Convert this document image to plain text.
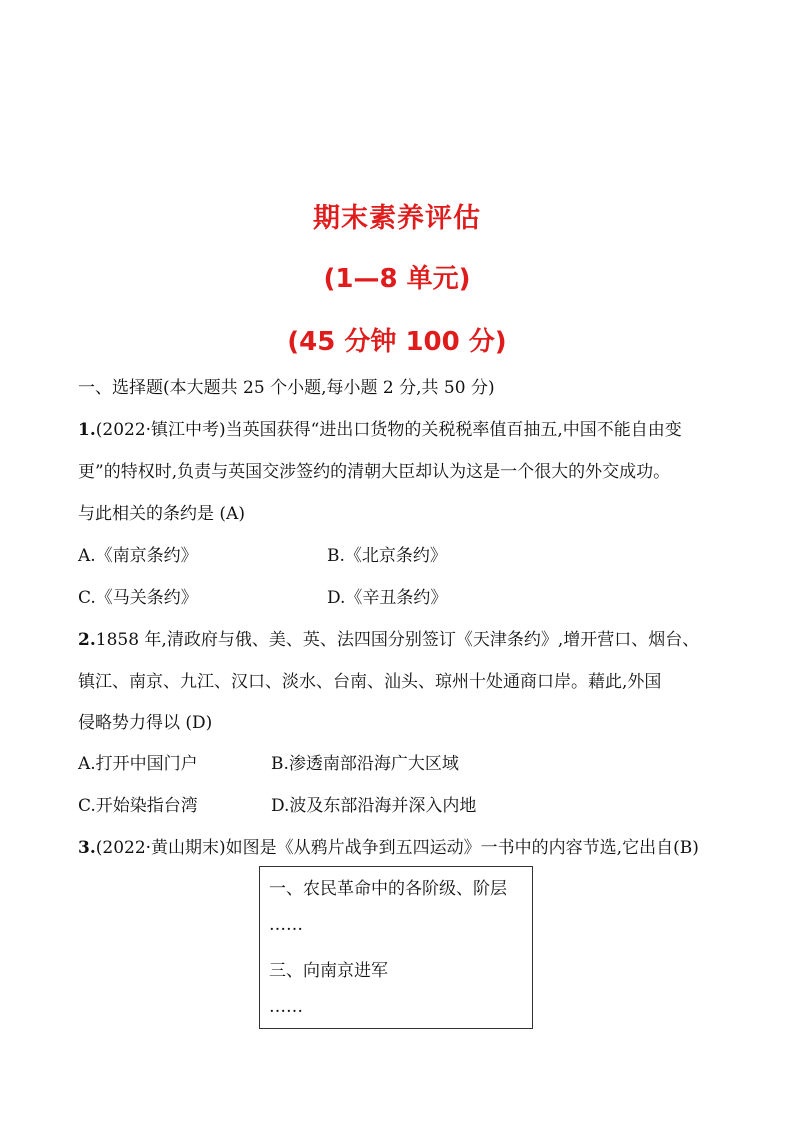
期末素养评估
(1—8 单元)
(45 分钟 100 分)
一、选择题(本大题共 25 个小题,每小题 2 分,共 50 分)
1.(2022·镇江中考)当英国获得“进出口货物的关税税率值百抽五,中国不能自由变
更”的特权时,负责与英国交涉签约的清朝大臣却认为这是一个很大的外交成功。
与此相关的条约是 (A)
A.《南京条约》	B.《北京条约》
C.《马关条约》	D.《辛丑条约》
2.1858 年,清政府与俄、美、英、法四国分别签订《天津条约》,增开营口、烟台、
镇江、南京、九江、汉口、淡水、台南、汕头、琼州十处通商口岸。藉此,外国
侵略势力得以 (D)
A.打开中国门户	B.渗透南部沿海广大区域
C.开始染指台湾	D.波及东部沿海并深入内地
3.(2022·黄山期末)如图是《从鸦片战争到五四运动》一书中的内容节选,它出自(B)
一、农民革命中的各阶级、阶层
……
三、向南京进军
……
